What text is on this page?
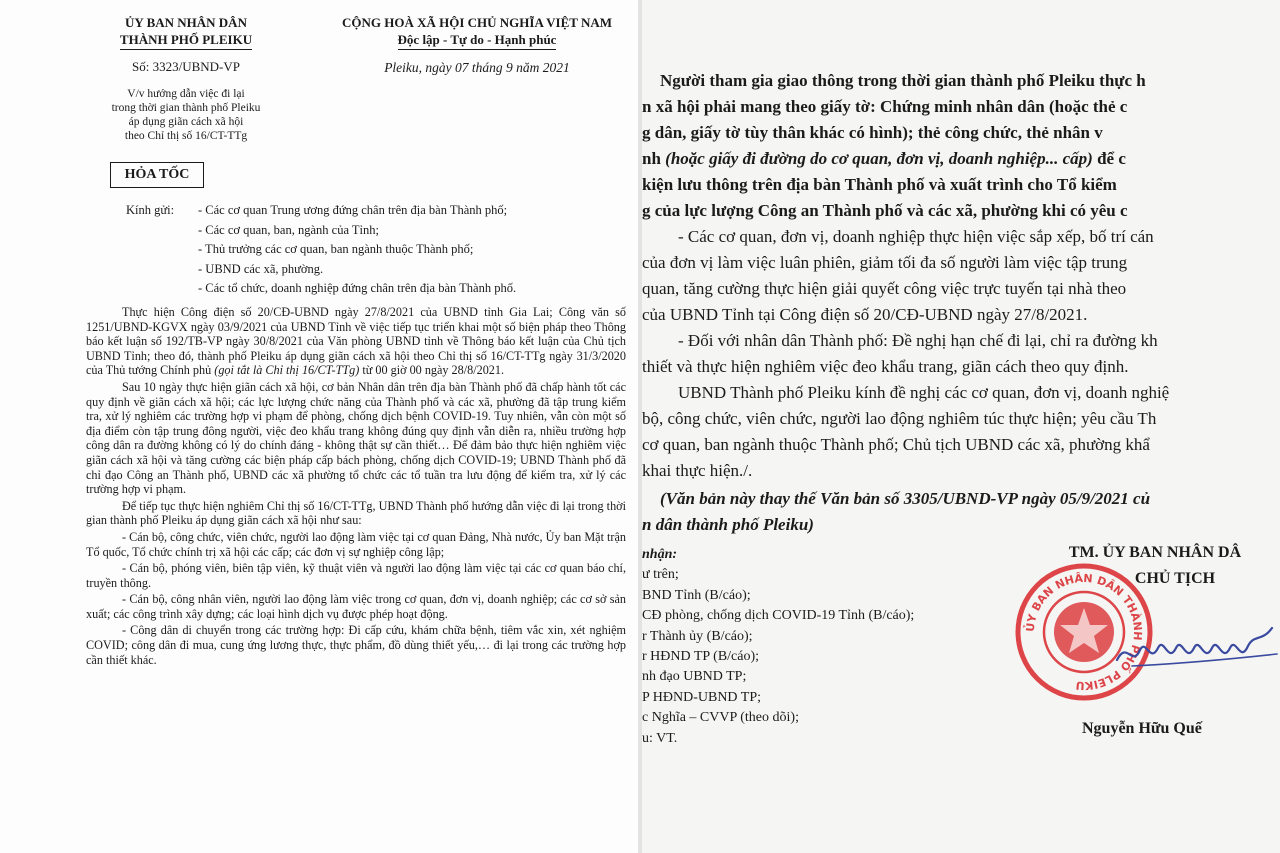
ỦY BAN NHÂN DÂN
THÀNH PHỐ PLEIKU
Số: 3323/UBND-VP
V/v hướng dẫn việc đi lại
trong thời gian thành phố Pleiku
áp dụng giãn cách xã hội
theo Chỉ thị số 16/CT-TTg
CỘNG HOÀ XÃ HỘI CHỦ NGHĨA VIỆT NAM
Độc lập - Tự do - Hạnh phúc
Pleiku, ngày 07 tháng 9 năm 2021
HỎA TỐC
Kính gửi: - Các cơ quan Trung ương đứng chân trên địa bàn Thành phố;
- Các cơ quan, ban, ngành của Tỉnh;
- Thủ trưởng các cơ quan, ban ngành thuộc Thành phố;
- UBND các xã, phường.
- Các tổ chức, doanh nghiệp đứng chân trên địa bàn Thành phố.

Thực hiện Công điện số 20/CĐ-UBND ngày 27/8/2021 của UBND tỉnh Gia Lai; Công văn số 1251/UBND-KGVX ngày 03/9/2021 của UBND Tỉnh về việc tiếp tục triển khai một số biện pháp theo Thông báo kết luận số 192/TB-VP ngày 30/8/2021 của Văn phòng UBND tỉnh về Thông báo kết luận của Chủ tịch UBND Tỉnh; theo đó, thành phố Pleiku áp dụng giãn cách xã hội theo Chỉ thị số 16/CT-TTg ngày 31/3/2020 của Thủ tướng Chính phủ (gọi tắt là Chỉ thị 16/CT-TTg) từ 00 giờ 00 ngày 28/8/2021.

Sau 10 ngày thực hiện giãn cách xã hội, cơ bản Nhân dân trên địa bàn Thành phố đã chấp hành tốt các quy định về giãn cách xã hội; các lực lượng chức năng của Thành phố và các xã, phường đã tập trung kiểm tra, xử lý nghiêm các trường hợp vi phạm để phòng, chống dịch bệnh COVID-19. Tuy nhiên, vẫn còn một số địa điểm còn tập trung đông người, việc đeo khẩu trang không đúng quy định vẫn diễn ra, nhiều trường hợp công dân ra đường không có lý do chính đáng - không thật sự cần thiết… Để đảm bảo thực hiện nghiêm việc giãn cách xã hội và tăng cường các biện pháp cấp bách phòng, chống dịch COVID-19; UBND Thành phố đã chỉ đạo Công an Thành phố, UBND các xã phường tổ chức các tổ tuần tra lưu động để kiểm tra, xử lý các trường hợp vi phạm.

Để tiếp tục thực hiện nghiêm Chỉ thị số 16/CT-TTg, UBND Thành phố hướng dẫn việc đi lại trong thời gian thành phố Pleiku áp dụng giãn cách xã hội như sau:

- Cán bộ, công chức, viên chức, người lao động làm việc tại cơ quan Đảng, Nhà nước, Ủy ban Mặt trận Tổ quốc, Tổ chức chính trị xã hội các cấp; các đơn vị sự nghiệp công lập;

- Cán bộ, phóng viên, biên tập viên, kỹ thuật viên và người lao động làm việc tại các cơ quan báo chí, truyền thông.

- Cán bộ, công nhân viên, người lao động làm việc trong cơ quan, đơn vị, doanh nghiệp; các cơ sở sản xuất; các công trình xây dựng; các loại hình dịch vụ được phép hoạt động.

- Công dân di chuyển trong các trường hợp: Đi cấp cứu, khám chữa bệnh, tiêm vắc xin, xét nghiệm COVID; công dân đi mua, cung ứng lương thực, thực phẩm, đồ dùng thiết yếu,… đi lại trong các trường hợp cần thiết khác.

Người tham gia giao thông trong thời gian thành phố Pleiku thực h
n xã hội phải mang theo giấy tờ: Chứng minh nhân dân (hoặc thẻ c
g dân, giấy tờ tùy thân khác có hình); thẻ công chức, thẻ nhân v
nh (hoặc giấy đi đường do cơ quan, đơn vị, doanh nghiệp... cấp) để c
kiện lưu thông trên địa bàn Thành phố và xuất trình cho Tổ kiểm
g của lực lượng Công an Thành phố và các xã, phường khi có yêu c
- Các cơ quan, đơn vị, doanh nghiệp thực hiện việc sắp xếp, bố trí cán
của đơn vị làm việc luân phiên, giảm tối đa số người làm việc tập trung
quan, tăng cường thực hiện giải quyết công việc trực tuyến tại nhà theo
của UBND Tỉnh tại Công điện số 20/CĐ-UBND ngày 27/8/2021.
- Đối với nhân dân Thành phố: Đề nghị hạn chế đi lại, chỉ ra đường kh
thiết và thực hiện nghiêm việc đeo khẩu trang, giãn cách theo quy định.
UBND Thành phố Pleiku kính đề nghị các cơ quan, đơn vị, doanh nghiệ
bộ, công chức, viên chức, người lao động nghiêm túc thực hiện; yêu cầu Th
cơ quan, ban ngành thuộc Thành phố; Chủ tịch UBND các xã, phường khẩ
khai thực hiện./.
(Văn bản này thay thế Văn bản số 3305/UBND-VP ngày 05/9/2021 củ
n dân thành phố Pleiku)
nhận:
ư trên;
BND Tỉnh (B/cáo);
CĐ phòng, chống dịch COVID-19 Tỉnh (B/cáo);
r Thành ủy (B/cáo);
r HĐND TP (B/cáo);
nh đạo UBND TP;
P HĐND-UBND TP;
c Nghĩa – CVVP (theo dõi);
u: VT.
TM. ỦY BAN NHÂN DÂ
CHỦ TỊCH
ỦY BAN NHÂN DÂN THÀNH PHỐ PLEIKU
Nguyễn Hữu Quế
